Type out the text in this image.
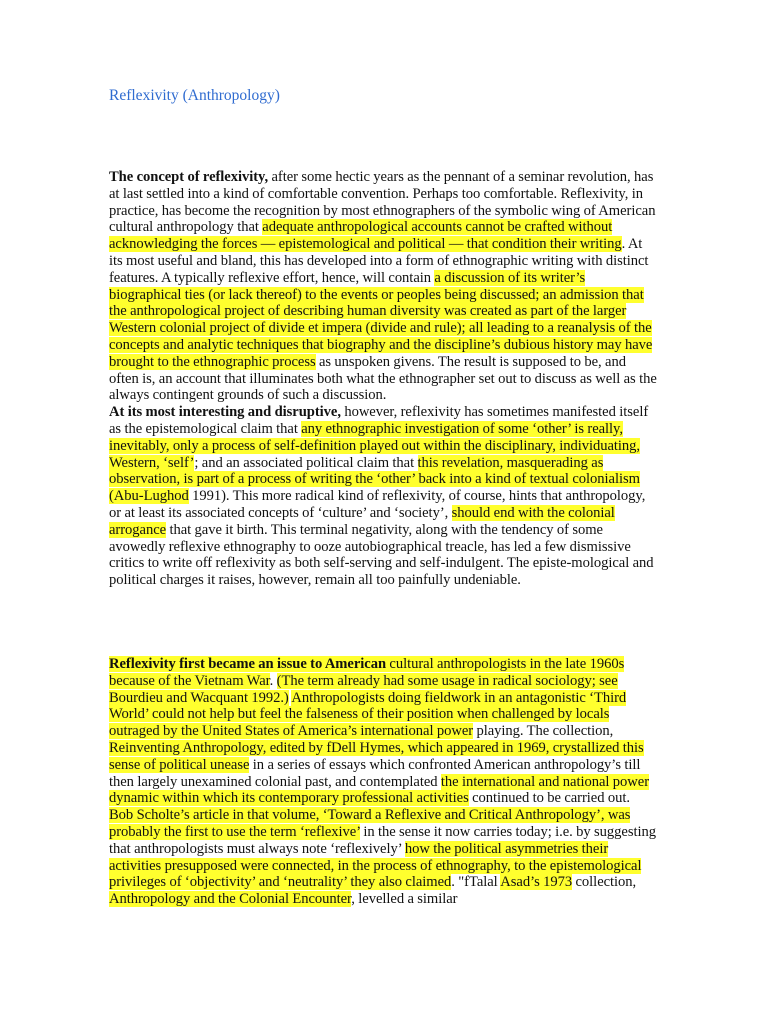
Reflexivity (Anthropology)
The concept of reflexivity, after some hectic years as the pennant of a seminar revolution, has at last settled into a kind of comfortable convention. Perhaps too comfortable. Reflexivity, in practice, has become the recognition by most ethnographers of the symbolic wing of American cultural anthropology that adequate anthropological accounts cannot be crafted without acknowledging the forces — epistemological and political — that condition their writing. At its most useful and bland, this has developed into a form of ethnographic writing with distinct features. A typically reflexive effort, hence, will contain a discussion of its writer’s biographical ties (or lack thereof) to the events or peoples being discussed; an admission that the anthropological project of describing human diversity was created as part of the larger Western colonial project of divide et impera (divide and rule); all leading to a reanalysis of the concepts and analytic techniques that biography and the discipline’s dubious history may have brought to the ethnographic process as unspoken givens. The result is supposed to be, and often is, an account that illuminates both what the ethnographer set out to discuss as well as the always contingent grounds of such a discussion.
At its most interesting and disruptive, however, reflexivity has sometimes manifested itself as the epistemological claim that any ethnographic investigation of some ‘other’ is really, inevitably, only a process of self-definition played out within the disciplinary, individuating, Western, ‘self’; and an associated political claim that this revelation, masquerading as observation, is part of a process of writing the ‘other’ back into a kind of textual colonialism (Abu-Lughod 1991). This more radical kind of reflexivity, of course, hints that anthropology, or at least its associated concepts of ‘culture’ and ‘society’, should end with the colonial arrogance that gave it birth. This terminal negativity, along with the tendency of some avowedly reflexive ethnography to ooze autobiographical treacle, has led a few dismissive critics to write off reflexivity as both self-serving and self-indulgent. The episte-mological and political charges it raises, however, remain all too painfully undeniable.
Reflexivity first became an issue to American cultural anthropologists in the late 1960s because of the Vietnam War. (The term already had some usage in radical sociology; see Bourdieu and Wacquant 1992.) Anthropologists doing fieldwork in an antagonistic ‘Third World’ could not help but feel the falseness of their position when challenged by locals outraged by the United States of America’s international power playing. The collection, Reinventing Anthropology, edited by fDell Hymes, which appeared in 1969, crystallized this sense of political unease in a series of essays which confronted American anthropology’s till then largely unexamined colonial past, and contemplated the international and national power dynamic within which its contemporary professional activities continued to be carried out. Bob Scholte’s article in that volume, ‘Toward a Reflexive and Critical Anthropology’, was probably the first to use the term ‘reflexive’ in the sense it now carries today; i.e. by suggesting that anthropologists must always note ‘reflexively’ how the political asymmetries their activities presupposed were connected, in the process of ethnography, to the epistemological privileges of ‘objectivity’ and ‘neutrality’ they also claimed. "fTalal Asad’s 1973 collection, Anthropology and the Colonial Encounter, levelled a similar
